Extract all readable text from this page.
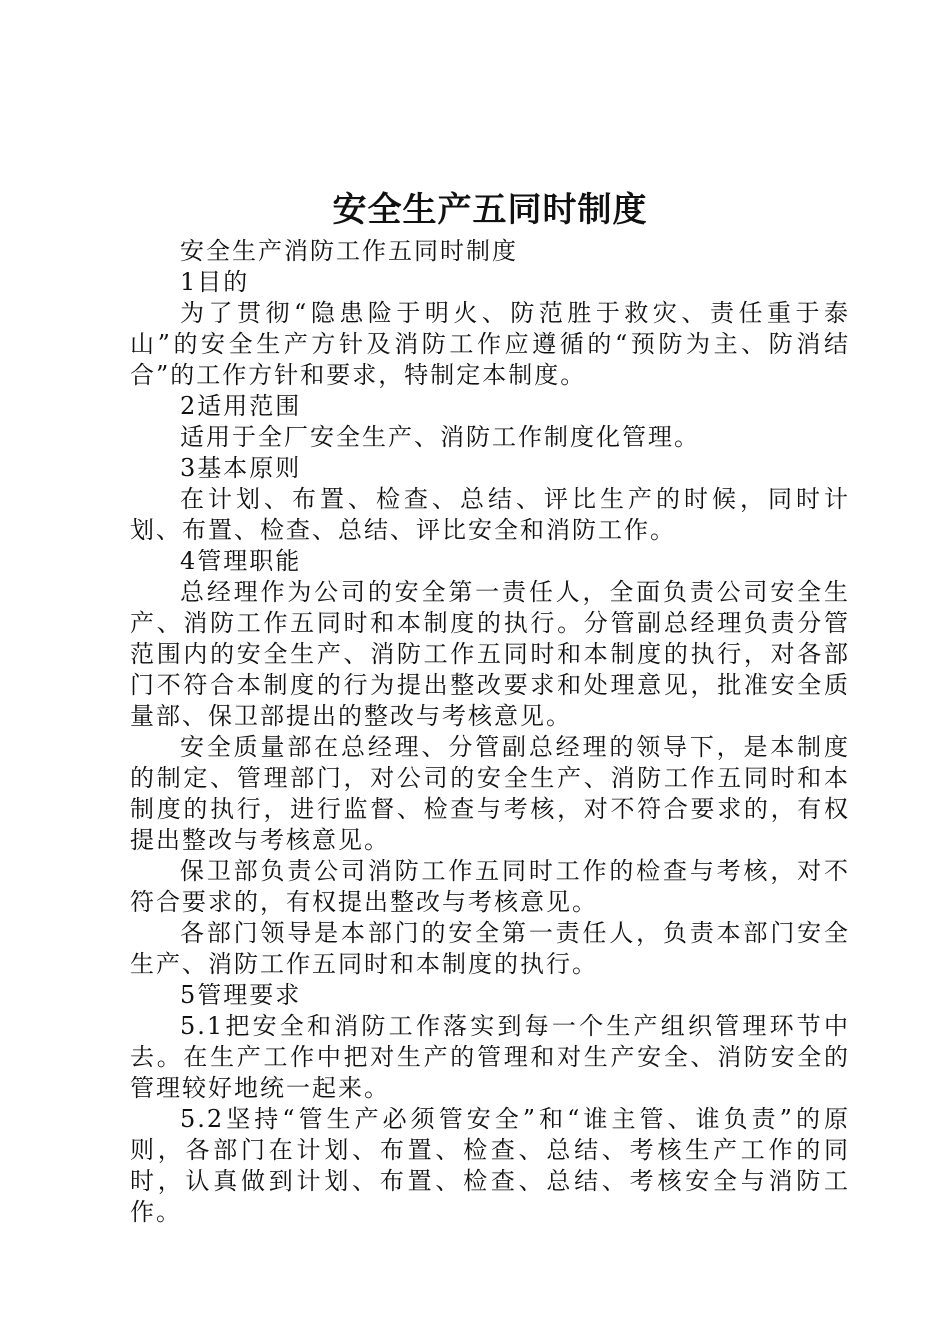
安全生产五同时制度

安全生产消防工作五同时制度

1目的

为了贯彻“隐患险于明火、防范胜于救灾、责任重于泰山”的安全生产方针及消防工作应遵循的“预防为主、防消结合”的工作方针和要求，特制定本制度。

2适用范围

适用于全厂安全生产、消防工作制度化管理。

3基本原则

在计划、布置、检查、总结、评比生产的时候，同时计划、布置、检查、总结、评比安全和消防工作。

4管理职能

总经理作为公司的安全第一责任人，全面负责公司安全生产、消防工作五同时和本制度的执行。分管副总经理负责分管范围内的安全生产、消防工作五同时和本制度的执行，对各部门不符合本制度的行为提出整改要求和处理意见，批准安全质量部、保卫部提出的整改与考核意见。

安全质量部在总经理、分管副总经理的领导下，是本制度的制定、管理部门，对公司的安全生产、消防工作五同时和本制度的执行，进行监督、检查与考核，对不符合要求的，有权提出整改与考核意见。

保卫部负责公司消防工作五同时工作的检查与考核，对不符合要求的，有权提出整改与考核意见。

各部门领导是本部门的安全第一责任人，负责本部门安全生产、消防工作五同时和本制度的执行。

5管理要求

5.1把安全和消防工作落实到每一个生产组织管理环节中去。在生产工作中把对生产的管理和对生产安全、消防安全的管理较好地统一起来。

5.2坚持“管生产必须管安全”和“谁主管、谁负责”的原则，各部门在计划、布置、检查、总结、考核生产工作的同时，认真做到计划、布置、检查、总结、考核安全与消防工作。
